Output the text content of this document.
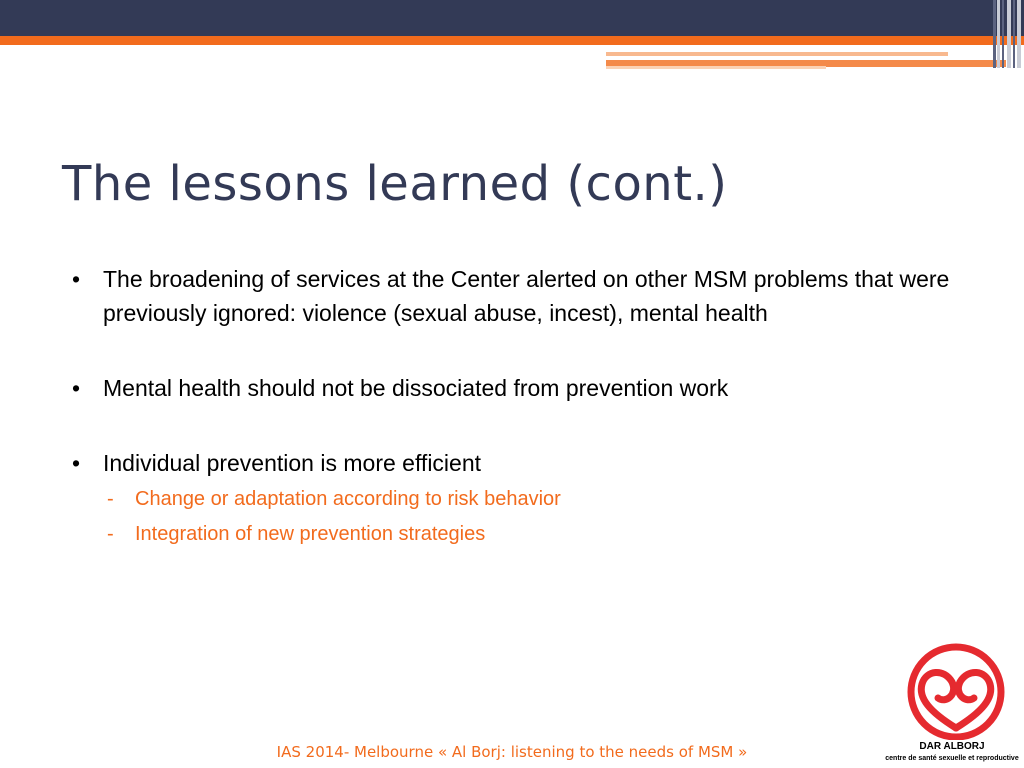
The lessons learned (cont.)
• The broadening of services at the Center alerted on other MSM problems that were previously ignored: violence (sexual abuse, incest), mental health
• Mental health should not be dissociated from prevention work
• Individual prevention is more efficient
- Change or adaptation according to risk behavior
- Integration of new prevention strategies
IAS 2014- Melbourne « Al Borj: listening to the needs of MSM »	DAR ALBORJ
centre de santé sexuelle et reproductive
